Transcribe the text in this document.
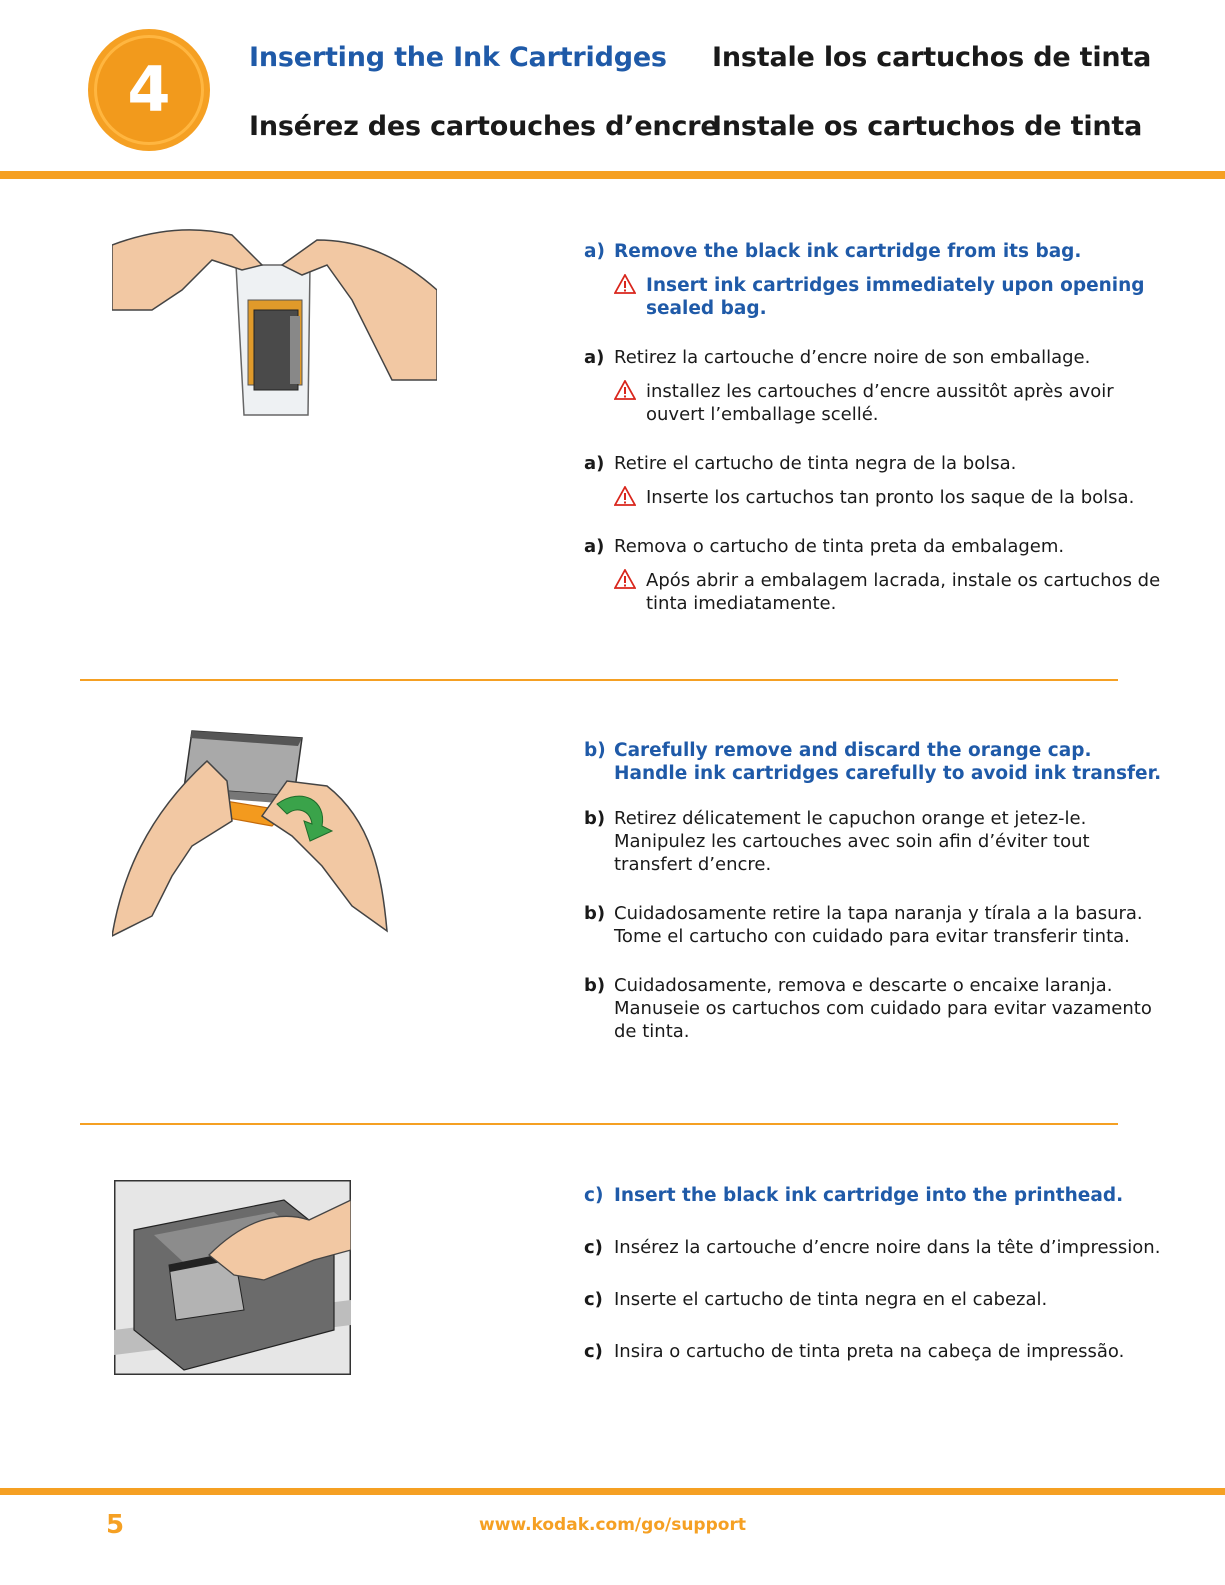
4	Inserting the Ink Cartridges Instale los cartuchos de tinta
Insérez des cartouches d’encre
Instale os cartuchos de tinta
a) Remove the black ink cartridge from its bag.
Insert ink cartridges immediately upon opening sealed bag.
a) Retirez la cartouche d’encre noire de son emballage.
installez les cartouches d’encre aussitôt après avoir ouvert l’emballage scellé.
a) Retire el cartucho de tinta negra de la bolsa.
Inserte los cartuchos tan pronto los saque de la bolsa.
a) Remova o cartucho de tinta preta da embalagem.
Após abrir a embalagem lacrada, instale os cartuchos de tinta imediatamente.
b) Carefully remove and discard the orange cap. Handle ink cartridges carefully to avoid ink transfer.
b) Retirez délicatement le capuchon orange et jetez-le. Manipulez les cartouches avec soin afin d’éviter tout transfert d’encre.
b) Cuidadosamente retire la tapa naranja y tírala a la basura. Tome el cartucho con cuidado para evitar transferir tinta.
b) Cuidadosamente, remova e descarte o encaixe laranja. Manuseie os cartuchos com cuidado para evitar vazamento de tinta.
c) Insert the black ink cartridge into the printhead.
c) Insérez la cartouche d’encre noire dans la tête d’impression.
c) Inserte el cartucho de tinta negra en el cabezal.
c) Insira o cartucho de tinta preta na cabeça de impressão.
5	www.kodak.com/go/support
